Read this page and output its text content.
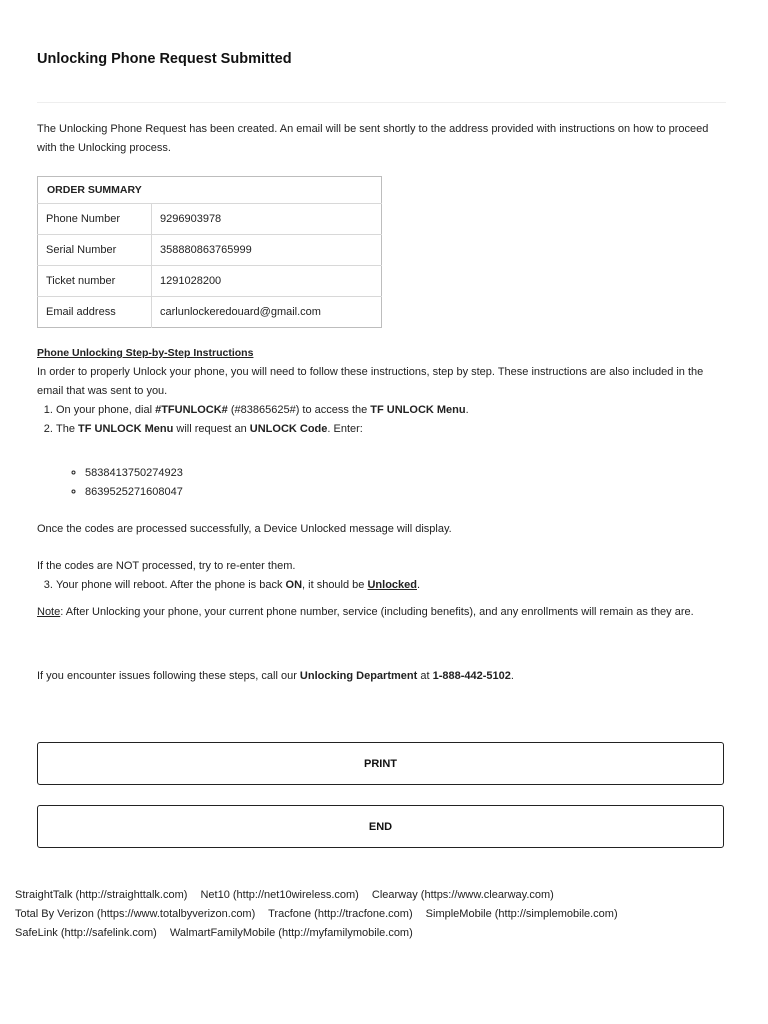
Unlocking Phone Request Submitted

The Unlocking Phone Request has been created. An email will be sent shortly to the address provided with instructions on how to proceed with the Unlocking process.

ORDER SUMMARY	
Phone Number	9296903978
Serial Number	358880863765999
Ticket number	1291028200
Email address	carlunlockeredouard@gmail.com

Phone Unlocking Step-by-Step Instructions

In order to properly Unlock your phone, you will need to follow these instructions, step by step. These instructions are also included in the email that was sent to you.

1. On your phone, dial #TFUNLOCK# (#83865625#) to access the TF UNLOCK Menu.
2. The TF UNLOCK Menu will request an UNLOCK Code. Enter:
◦ 5838413750274923
◦ 8639525271608047

Once the codes are processed successfully, a Device Unlocked message will display.

If the codes are NOT processed, try to re-enter them.

3. Your phone will reboot. After the phone is back ON, it should be Unlocked.

Note: After Unlocking your phone, your current phone number, service (including benefits), and any enrollments will remain as they are.

If you encounter issues following these steps, call our Unlocking Department at 1-888-442-5102.

PRINT
END
StraightTalk (http://straighttalk.com) Net10 (http://net10wireless.com) Clearway (https://www.clearway.com) Total By Verizon (https://www.totalbyverizon.com) Tracfone (http://tracfone.com) SimpleMobile (http://simplemobile.com) SafeLink (http://safelink.com) WalmartFamilyMobile (http://myfamilymobile.com)
